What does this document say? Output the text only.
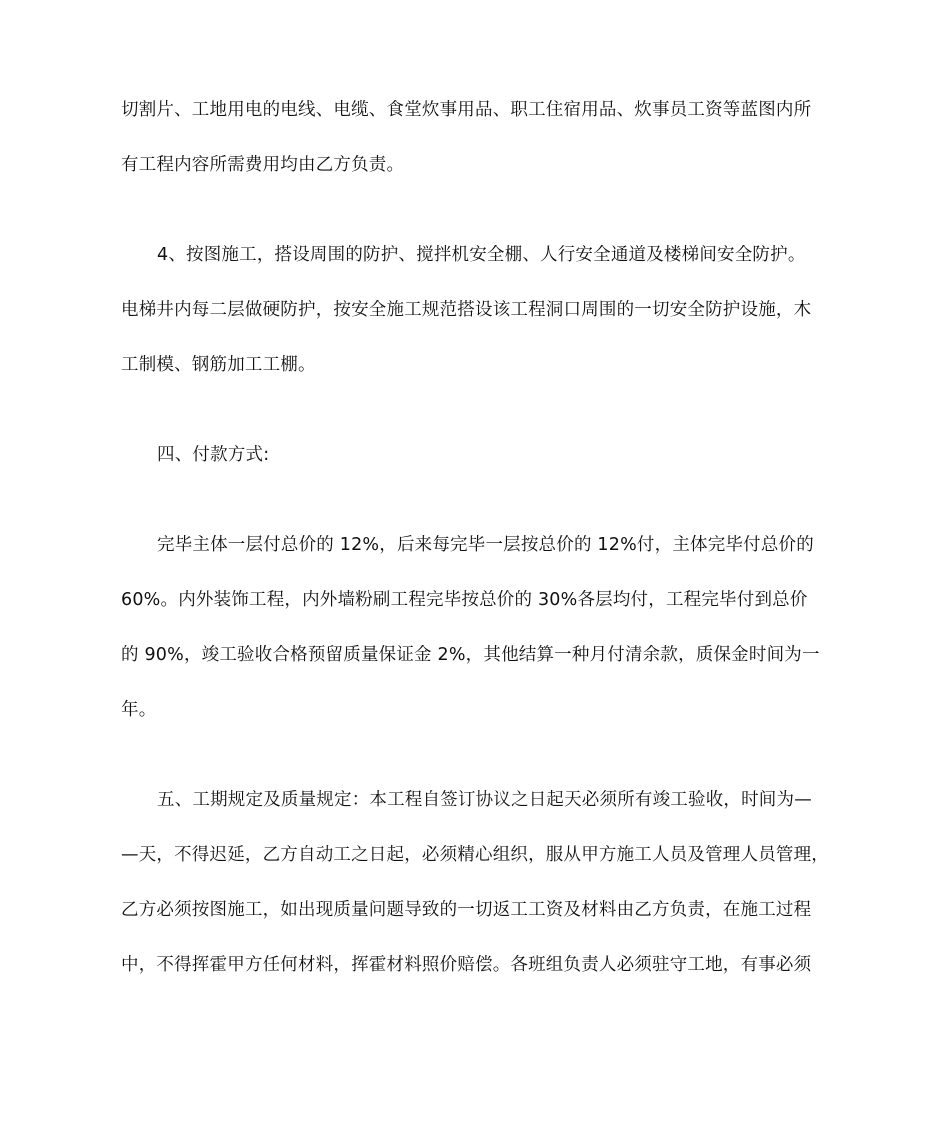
切割片、工地用电的电线、电缆、食堂炊事用品、职工住宿用品、炊事员工资等蓝图内所
有工程内容所需费用均由乙方负责。
4、按图施工，搭设周围的防护、搅拌机安全棚、人行安全通道及楼梯间安全防护。
电梯井内每二层做硬防护，按安全施工规范搭设该工程洞口周围的一切安全防护设施，木
工制模、钢筋加工工棚。
四、付款方式:
完毕主体一层付总价的 12%，后来每完毕一层按总价的 12%付，主体完毕付总价的
60%。内外装饰工程，内外墙粉刷工程完毕按总价的 30%各层均付，工程完毕付到总价
的 90%，竣工验收合格预留质量保证金 2%，其他结算一种月付清余款，质保金时间为一
年。
五、工期规定及质量规定：本工程自签订协议之日起天必须所有竣工验收，时间为—
—天，不得迟延，乙方自动工之日起，必须精心组织，服从甲方施工人员及管理人员管理，
乙方必须按图施工，如出现质量问题导致的一切返工工资及材料由乙方负责，在施工过程
中，不得挥霍甲方任何材料，挥霍材料照价赔偿。各班组负责人必须驻守工地，有事必须
